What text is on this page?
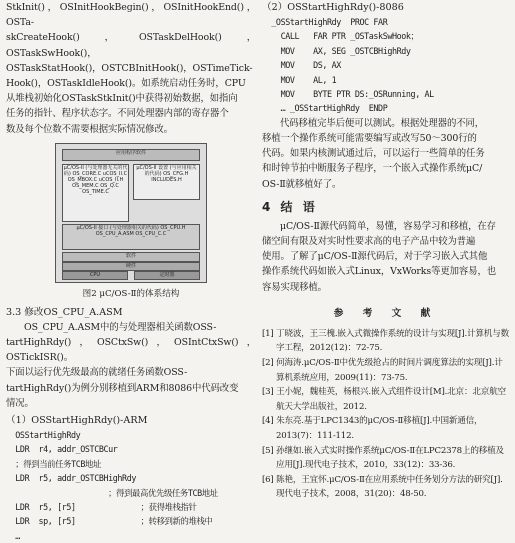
StkInit()，OSInitHookBegin()，OSInitHookEnd()，OSTa-

skCreateHook()，OSTaskDelHook()，OSTaskSwHook()，

OSTaskStatHook()，OSTCBInitHook()，OSTimeTick-

Hook()，OSTaskIdleHook()。如系统启动任务时，CPU

从堆栈初始化OSTaskStkInit()中获得初始数据，如指向

任务的指针、程序状态字。不同处理器内部的寄存器个

数及每个位数不需要根据实际情况修改。

应用程序软件
μC/OS-II (与处理器无关的代码) OS_CORE.C uCOS_II.C OS_MBOX.C uCOS_II.H OS_MEM.C OS_Q.C OS_TIME.C
μC/OS-II 设置 (与应用相关的代码) OS_CFG.H INCLUDES.H
μC/OS-II 接口 (与处理器相关的代码) OS_CPU.H OS_CPU_A.ASM OS_CPU_C.C
软件
硬件
CPU	定时器

图2 μC/OS-Ⅱ的体系结构

3.3 修改OS_CPU_A.ASM

OS_CPU_A.ASM中的与处理器相关函数OSS-

tartHighRdy()，OSCtxSw()，OSIntCtxSw()，OSTickISR()。

下面以运行优先级最高的就绪任务函数OSS-

tartHighRdy()为例分别移植到ARM和8086中代码改变

情况。

（1）OSStartHighRdy()-ARM

OSStartHighRdy

LDR  r4, addr_OSTCBCur

；得到当前任务TCB地址

LDR  r5, addr_OSTCBHighRdy

；得到最高优先级任务TCB地址

LDR  r5, [r5]              ；获得堆栈指针

LDR  sp, [r5]              ；转移到新的堆栈中

…

（2）OSStartHighRdy()-8086

_OSStartHighRdy  PROC FAR

CALL   FAR PTR _OSTaskSwHook；

MOV    AX, SEG _OSTCBHighRdy

MOV    DS, AX

MOV    AL, 1

MOV    BYTE PTR DS:_OSRunning, AL

… _OSStartHighRdy  ENDP

代码移植完毕后便可以测试。根据处理器的不同，

移植一个操作系统可能需要编写或改写50～300行的

代码。如果内核测试通过后，可以运行一些简单的任务

和时钟节拍中断服务子程序，一个嵌入式操作系统μC/

OS-Ⅱ就移植好了。

4 结 语

μC/OS-Ⅱ源代码简单，易懂，容易学习和移植，在存

储空间有限及对实时性要求高的电子产品中较为普遍

使用。了解了μC/OS-Ⅱ源代码后，对于学习嵌入式其他

操作系统代码如嵌入式Linux，VxWorks等更加容易，也

容易实现移植。

参 考 文 献

[1] 丁晓波，王三槐.嵌入式微操作系统的设计与实现[J].计算机与数字工程，2012(12)：72-75.

[2] 何海涛.μC/OS-Ⅱ中优先级抢占的时间片调度算法的实现[J].计算机系统应用，2009(11)：73-75.

[3] 王小妮，魏桂英，杨根兴.嵌入式组件设计[M].北京：北京航空航天大学出版社，2012.

[4] 朱东亮.基于LPC1343的μC/OS-Ⅱ移植[J].中国新通信，2013(7)：111-112.

[5] 孙继如.嵌入式实时操作系统μC/OS-Ⅱ在LPC2378上的移植及应用[J].现代电子技术，2010，33(12)：33-36.

[6] 陈艳，王宜怀.μC/OS-Ⅱ在应用系统中任务划分方法的研究[J].现代电子技术，2008，31(20)：48-50.
